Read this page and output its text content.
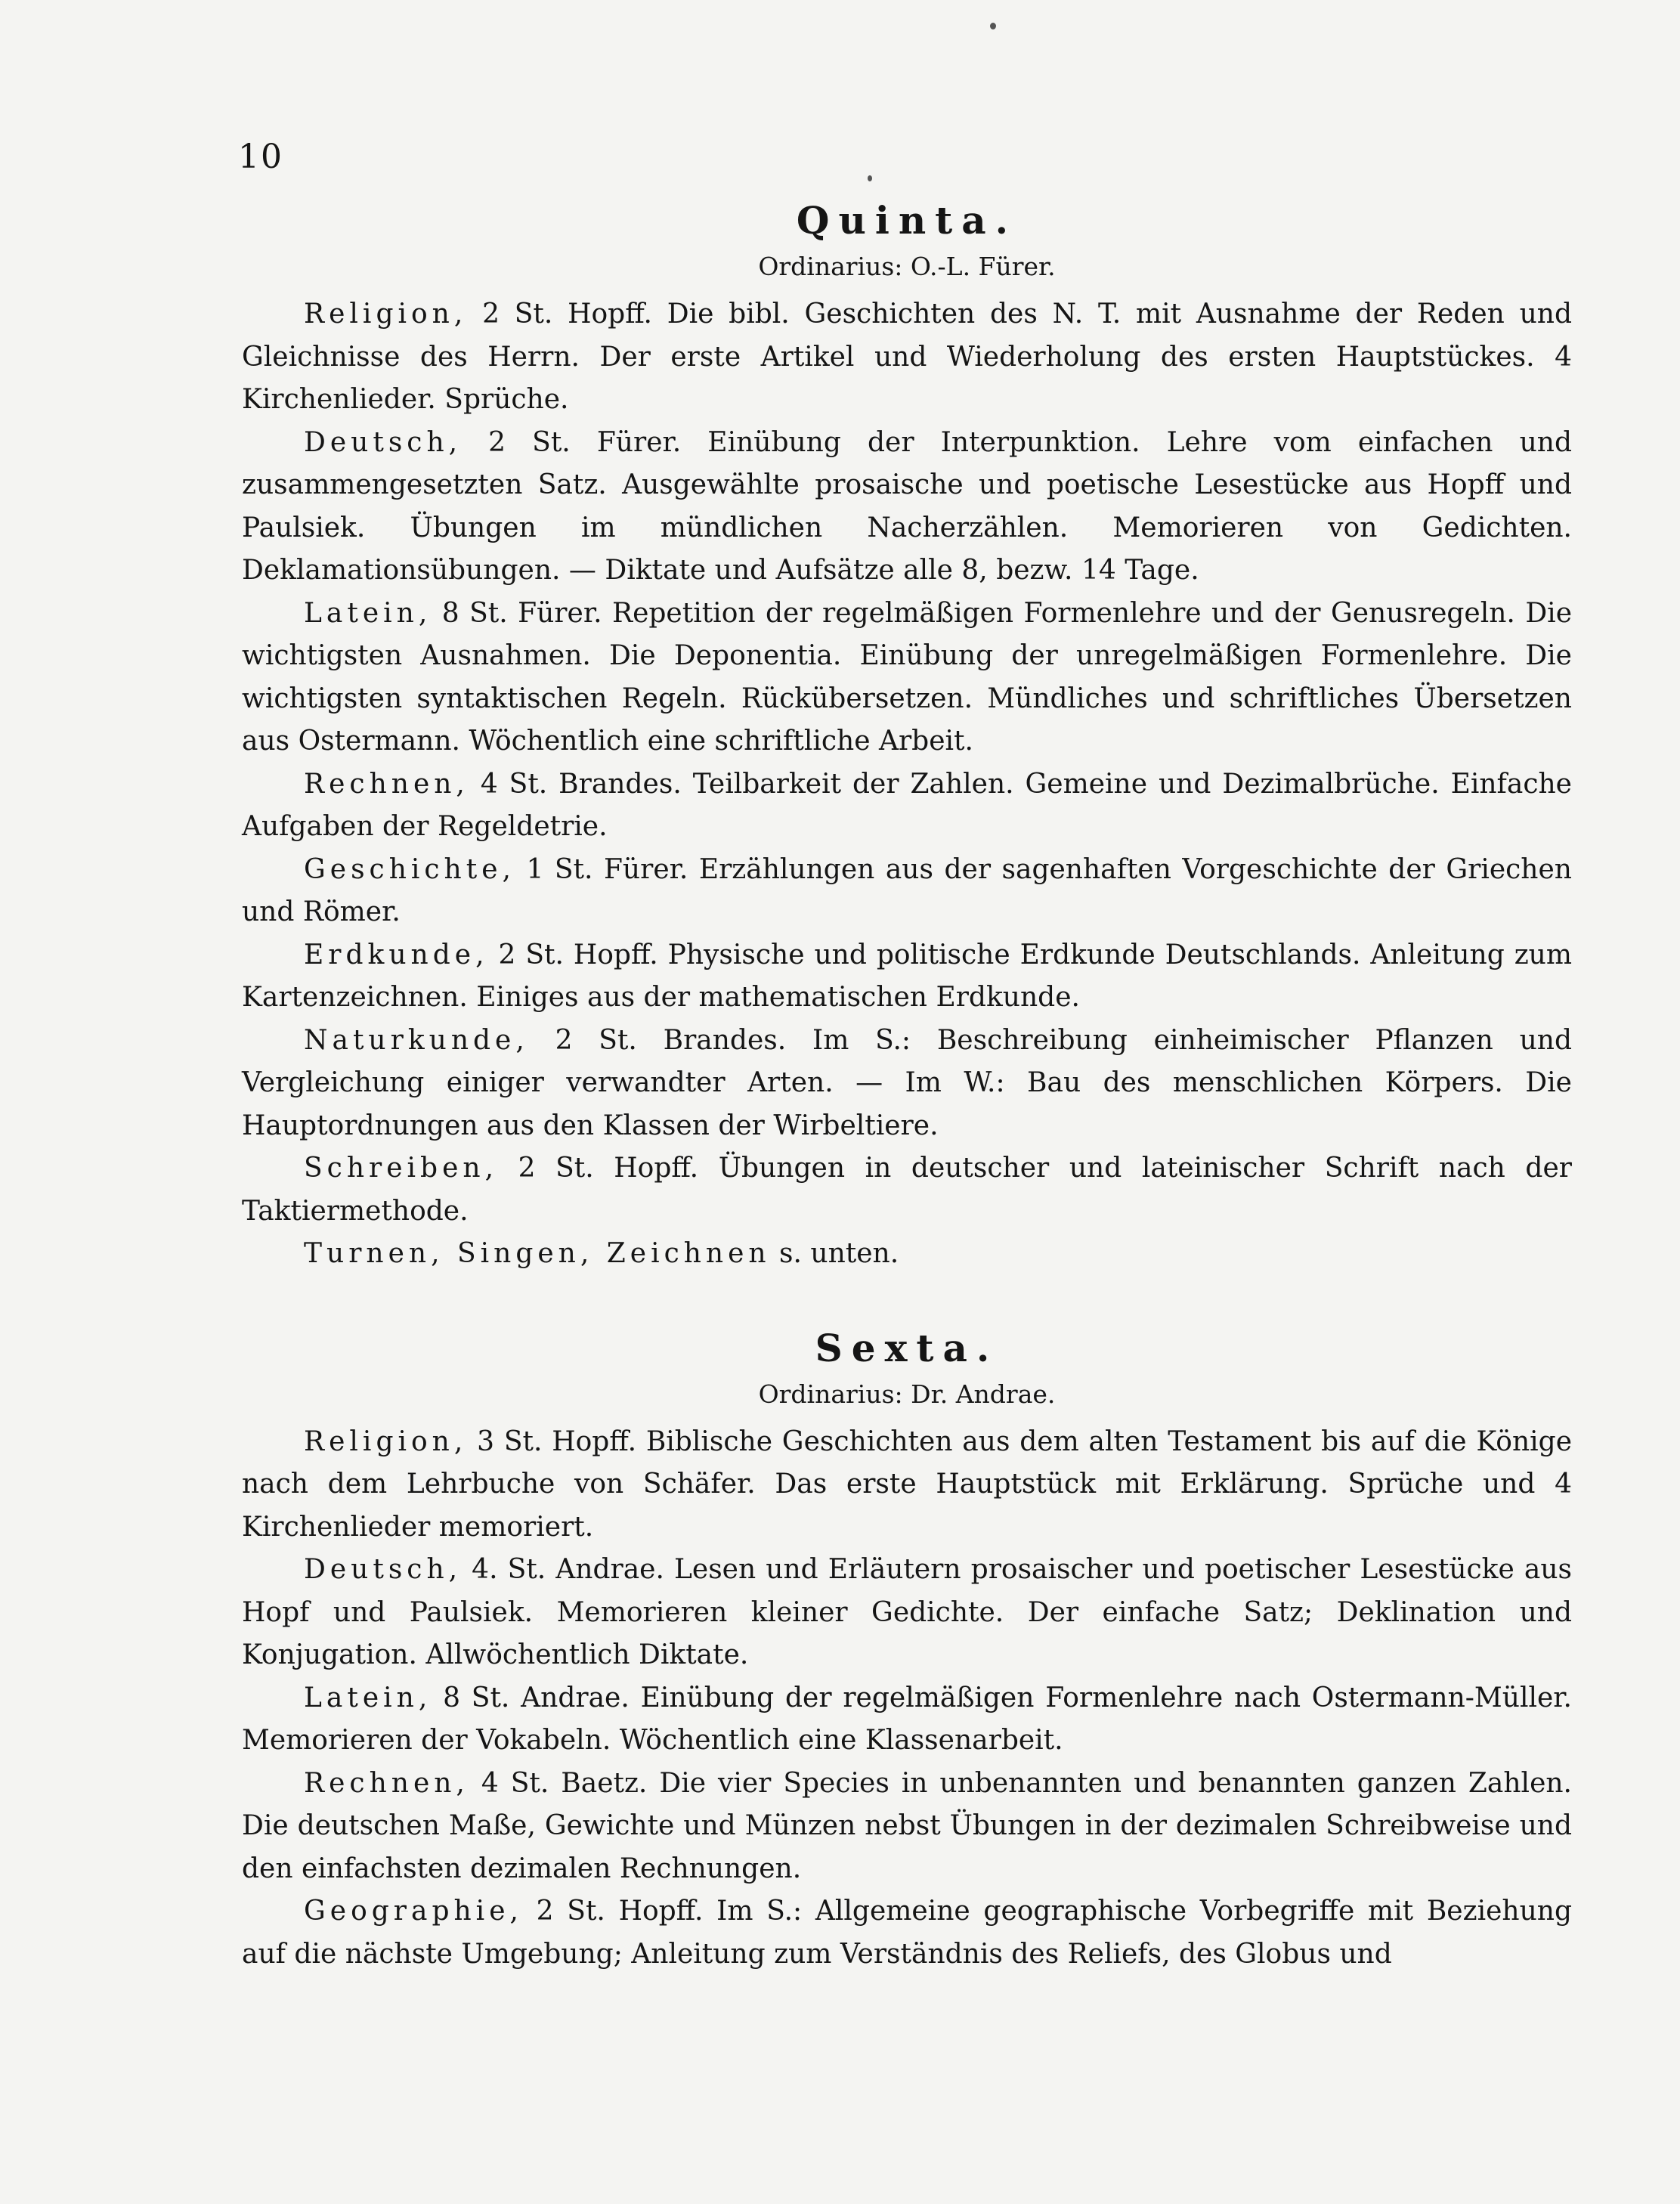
10
Quinta.
Ordinarius: O.-L. Fürer.

Religion, 2 St. Hopff. Die bibl. Geschichten des N. T. mit Ausnahme der Reden und Gleichnisse des Herrn. Der erste Artikel und Wiederholung des ersten Hauptstückes. 4 Kirchenlieder. Sprüche.

Deutsch, 2 St. Fürer. Einübung der Interpunktion. Lehre vom einfachen und zusammengesetzten Satz. Ausgewählte prosaische und poetische Lesestücke aus Hopff und Paulsiek. Übungen im mündlichen Nacherzählen. Memorieren von Gedichten. Deklamationsübungen. — Diktate und Aufsätze alle 8, bezw. 14 Tage.

Latein, 8 St. Fürer. Repetition der regelmäßigen Formenlehre und der Genusregeln. Die wichtigsten Ausnahmen. Die Deponentia. Einübung der unregelmäßigen Formenlehre. Die wichtigsten syntaktischen Regeln. Rückübersetzen. Mündliches und schriftliches Übersetzen aus Ostermann. Wöchentlich eine schriftliche Arbeit.

Rechnen, 4 St. Brandes. Teilbarkeit der Zahlen. Gemeine und Dezimalbrüche. Einfache Aufgaben der Regeldetrie.

Geschichte, 1 St. Fürer. Erzählungen aus der sagenhaften Vorgeschichte der Griechen und Römer.

Erdkunde, 2 St. Hopff. Physische und politische Erdkunde Deutschlands. Anleitung zum Kartenzeichnen. Einiges aus der mathematischen Erdkunde.

Naturkunde, 2 St. Brandes. Im S.: Beschreibung einheimischer Pflanzen und Vergleichung einiger verwandter Arten. — Im W.: Bau des menschlichen Körpers. Die Hauptordnungen aus den Klassen der Wirbeltiere.

Schreiben, 2 St. Hopff. Übungen in deutscher und lateinischer Schrift nach der Taktiermethode.

Turnen, Singen, Zeichnen s. unten.

Sexta.
Ordinarius: Dr. Andrae.

Religion, 3 St. Hopff. Biblische Geschichten aus dem alten Testament bis auf die Könige nach dem Lehrbuche von Schäfer. Das erste Hauptstück mit Erklärung. Sprüche und 4 Kirchenlieder memoriert.

Deutsch, 4. St. Andrae. Lesen und Erläutern prosaischer und poetischer Lesestücke aus Hopf und Paulsiek. Memorieren kleiner Gedichte. Der einfache Satz; Deklination und Konjugation. Allwöchentlich Diktate.

Latein, 8 St. Andrae. Einübung der regelmäßigen Formenlehre nach Ostermann-Müller. Memorieren der Vokabeln. Wöchentlich eine Klassenarbeit.

Rechnen, 4 St. Baetz. Die vier Species in unbenannten und benannten ganzen Zahlen. Die deutschen Maße, Gewichte und Münzen nebst Übungen in der dezimalen Schreibweise und den einfachsten dezimalen Rechnungen.

Geographie, 2 St. Hopff. Im S.: Allgemeine geographische Vorbegriffe mit Beziehung auf die nächste Umgebung; Anleitung zum Verständnis des Reliefs, des Globus und
